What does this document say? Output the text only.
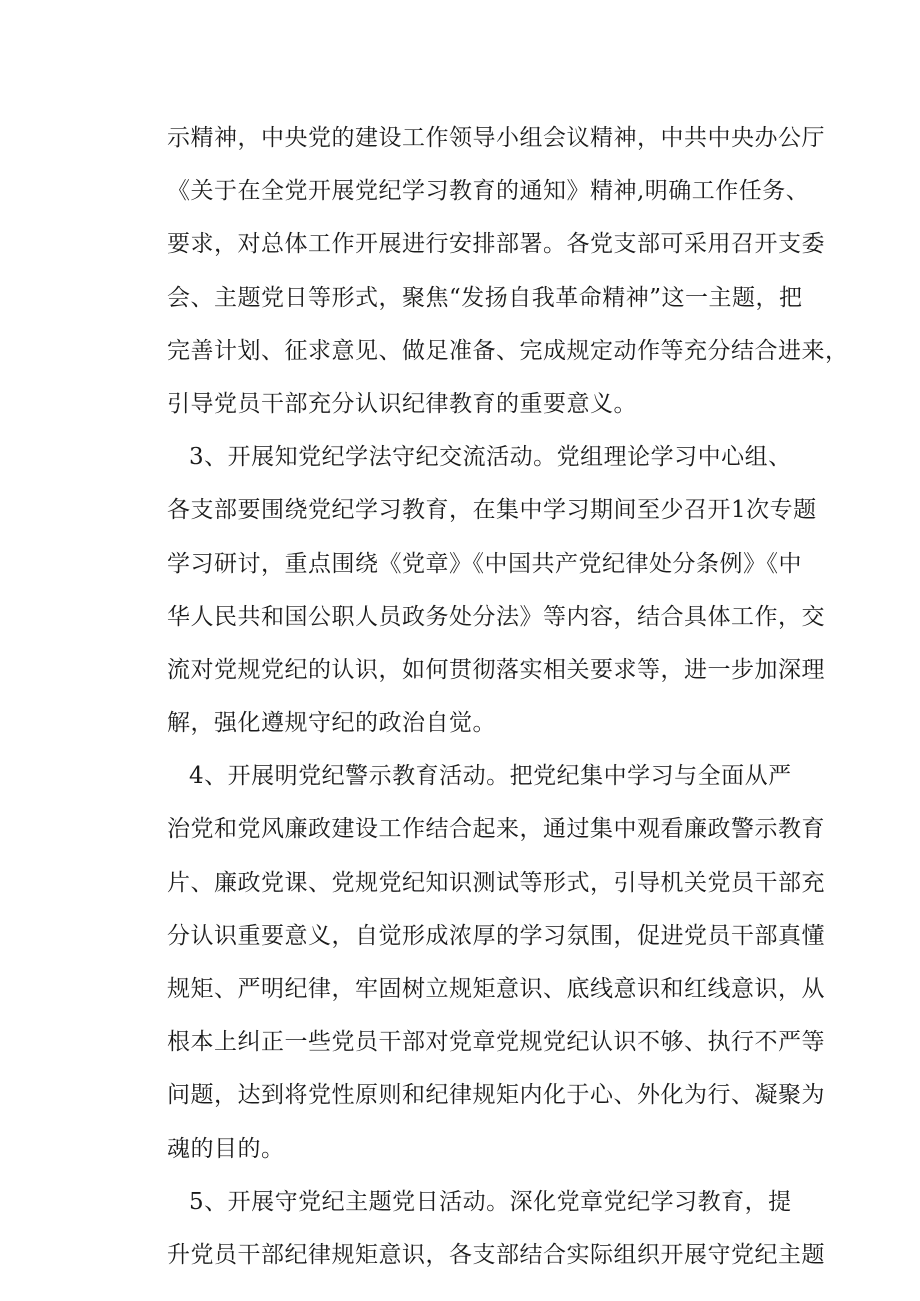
示精神，中央党的建设工作领导小组会议精神，中共中央办公厅
《关于在全党开展党纪学习教育的通知》精神,明确工作任务、
要求，对总体工作开展进行安排部署。各党支部可采用召开支委
会、主题党日等形式，聚焦“发扬自我革命精神”这一主题，把
完善计划、征求意见、做足准备、完成规定动作等充分结合进来，
引导党员干部充分认识纪律教育的重要意义。
3、开展知党纪学法守纪交流活动。党组理论学习中心组、
各支部要围绕党纪学习教育，在集中学习期间至少召开1次专题
学习研讨，重点围绕《党章》《中国共产党纪律处分条例》《中
华人民共和国公职人员政务处分法》等内容，结合具体工作，交
流对党规党纪的认识，如何贯彻落实相关要求等，进一步加深理
解，强化遵规守纪的政治自觉。
4、开展明党纪警示教育活动。把党纪集中学习与全面从严
治党和党风廉政建设工作结合起来，通过集中观看廉政警示教育
片、廉政党课、党规党纪知识测试等形式，引导机关党员干部充
分认识重要意义，自觉形成浓厚的学习氛围，促进党员干部真懂
规矩、严明纪律，牢固树立规矩意识、底线意识和红线意识，从
根本上纠正一些党员干部对党章党规党纪认识不够、执行不严等
问题，达到将党性原则和纪律规矩内化于心、外化为行、凝聚为
魂的目的。
5、开展守党纪主题党日活动。深化党章党纪学习教育，提
升党员干部纪律规矩意识，各支部结合实际组织开展守党纪主题
